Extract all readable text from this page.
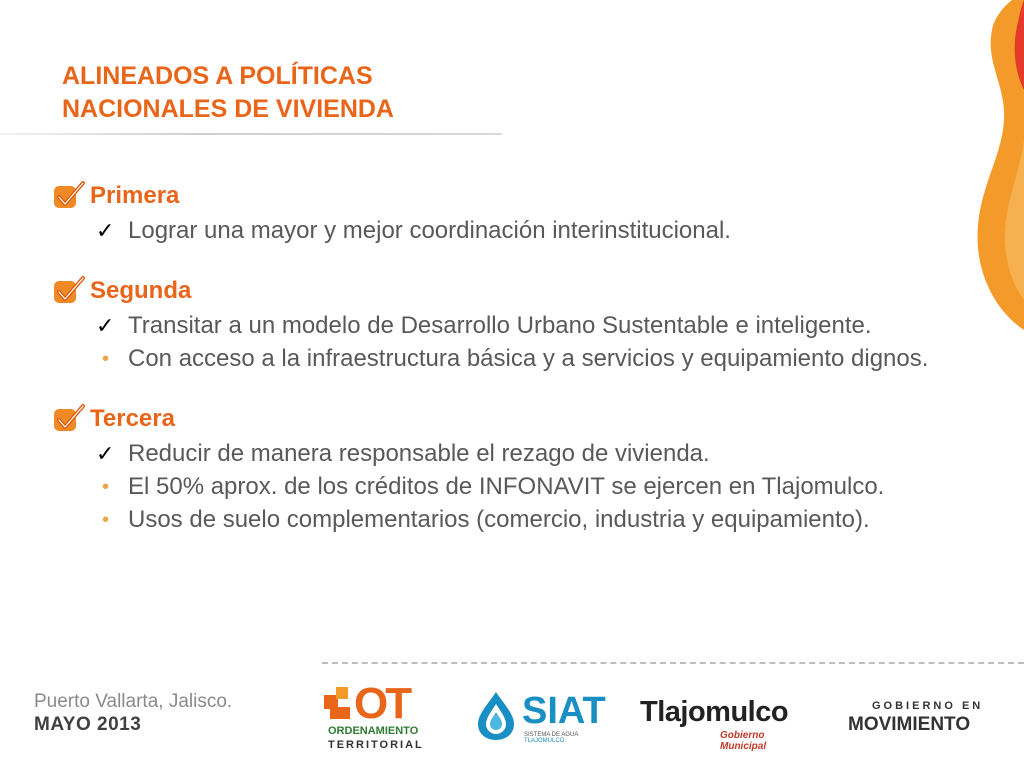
ALINEADOS A POLÍTICAS
NACIONALES DE VIVIENDA
Primera
✓ Lograr una mayor y mejor coordinación interinstitucional.
Segunda
✓ Transitar a un modelo de Desarrollo Urbano Sustentable e inteligente.
• Con acceso a la infraestructura básica y a servicios y equipamiento dignos.
Tercera
✓ Reducir de manera responsable el rezago de vivienda.
• El 50% aprox. de los créditos de INFONAVIT se ejercen en Tlajomulco.
• Usos de suelo complementarios (comercio, industria y equipamiento).
Puerto Vallarta, Jalisco.
MAYO 2013	OT
ORDENAMIENTO
TERRITORIAL
SIAT
SISTEMA DE AGUA
TLAJOMULCO
Tlajomulco
Gobierno Municipal
GOBIERNO EN
MOVIMIENTO
